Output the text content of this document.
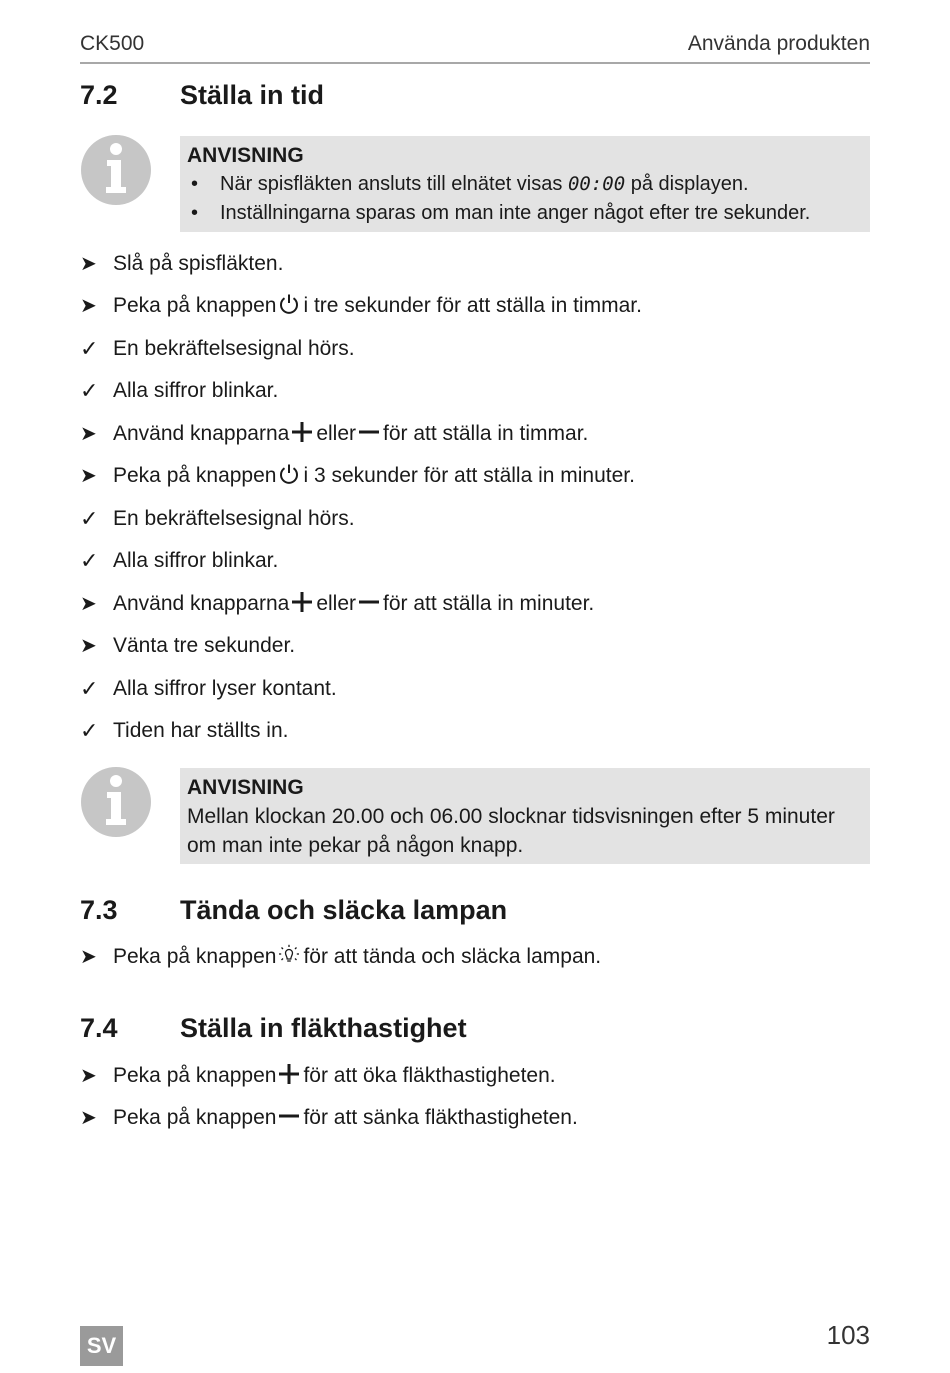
CK500	Använda produkten
7.2 Ställa in tid
ANVISNING
• När spisfläkten ansluts till elnätet visas 00:00 på displayen.
• Inställningarna sparas om man inte anger något efter tre sekunder.
➤ Slå på spisfläkten.
➤ Peka på knappen i tre sekunder för att ställa in timmar.
✓ En bekräftelsesignal hörs.
✓ Alla siffror blinkar.
➤ Använd knapparna eller för att ställa in timmar.
➤ Peka på knappen i 3 sekunder för att ställa in minuter.
✓ En bekräftelsesignal hörs.
✓ Alla siffror blinkar.
➤ Använd knapparna eller för att ställa in minuter.
➤ Vänta tre sekunder.
✓ Alla siffror lyser kontant.
✓ Tiden har ställts in.
ANVISNING
Mellan klockan 20.00 och 06.00 slocknar tidsvisningen efter 5 minuter
om man inte pekar på någon knapp.
7.3 Tända och släcka lampan
➤ Peka på knappen för att tända och släcka lampan.
7.4 Ställa in fläkthastighet
➤ Peka på knappen för att öka fläkthastigheten.
➤ Peka på knappen för att sänka fläkthastigheten.
SV	103
